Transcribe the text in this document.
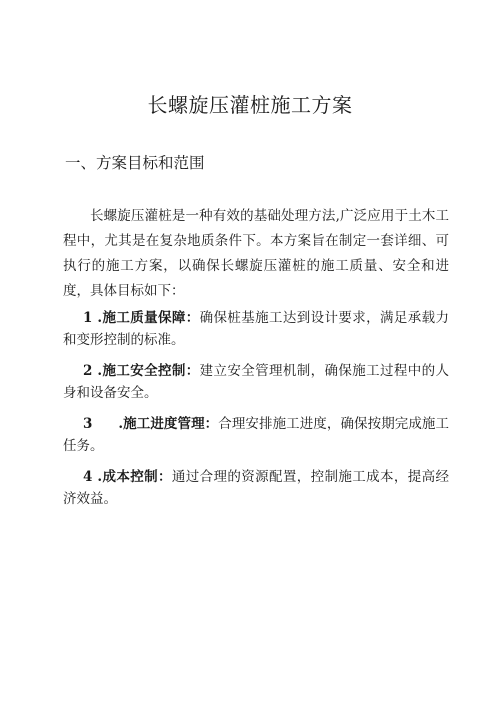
长螺旋压灌桩施工方案
一、方案目标和范围

长螺旋压灌桩是一种有效的基础处理方法,广泛应用于土木工程中，尤其是在复杂地质条件下。本方案旨在制定一套详细、可执行的施工方案，以确保长螺旋压灌桩的施工质量、安全和进度，具体目标如下：

1 .施工质量保障：确保桩基施工达到设计要求，满足承载力和变形控制的标准。

2 .施工安全控制：建立安全管理机制，确保施工过程中的人身和设备安全。

3 .施工进度管理：合理安排施工进度，确保按期完成施工任务。

4 .成本控制：通过合理的资源配置，控制施工成本，提高经济效益。
